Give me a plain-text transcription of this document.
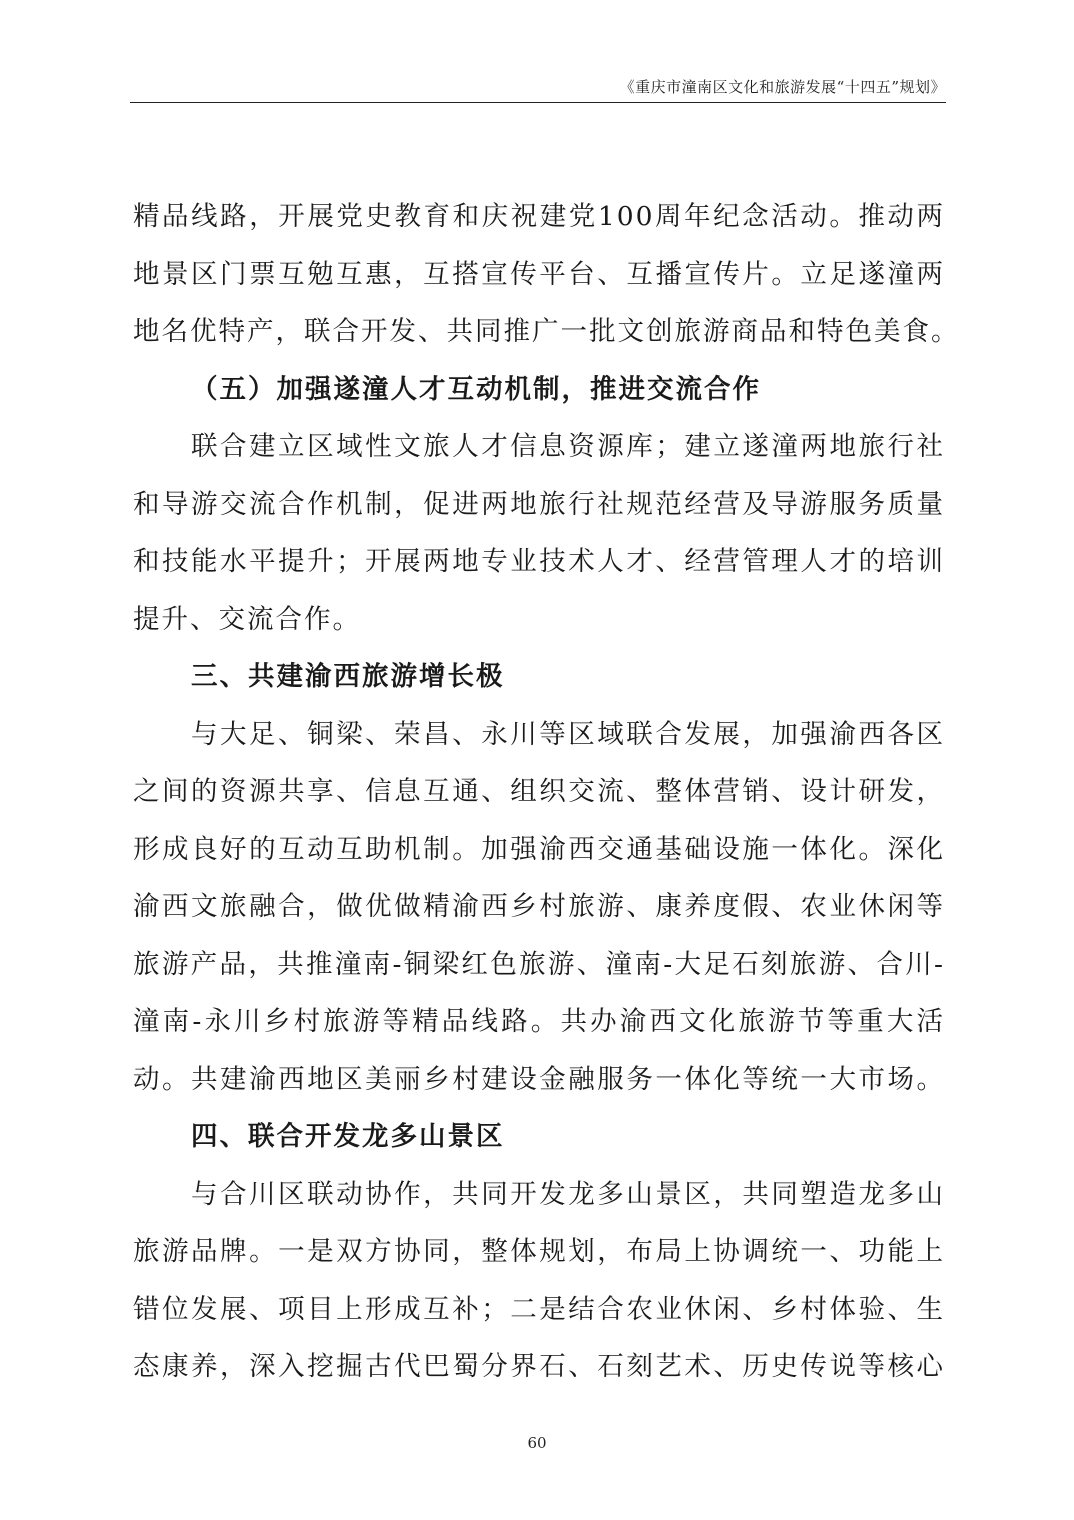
《重庆市潼南区文化和旅游发展“十四五”规划》
精品线路，开展党史教育和庆祝建党100周年纪念活动。推动两
地景区门票互勉互惠，互搭宣传平台、互播宣传片。立足遂潼两
地名优特产，联合开发、共同推广一批文创旅游商品和特色美食。
（五）加强遂潼人才互动机制，推进交流合作
联合建立区域性文旅人才信息资源库；建立遂潼两地旅行社
和导游交流合作机制，促进两地旅行社规范经营及导游服务质量
和技能水平提升；开展两地专业技术人才、经营管理人才的培训
提升、交流合作。
三、共建渝西旅游增长极
与大足、铜梁、荣昌、永川等区域联合发展，加强渝西各区
之间的资源共享、信息互通、组织交流、整体营销、设计研发，
形成良好的互动互助机制。加强渝西交通基础设施一体化。深化
渝西文旅融合，做优做精渝西乡村旅游、康养度假、农业休闲等
旅游产品，共推潼南-铜梁红色旅游、潼南-大足石刻旅游、合川-
潼南-永川乡村旅游等精品线路。共办渝西文化旅游节等重大活
动。共建渝西地区美丽乡村建设金融服务一体化等统一大市场。
四、联合开发龙多山景区
与合川区联动协作，共同开发龙多山景区，共同塑造龙多山
旅游品牌。一是双方协同，整体规划，布局上协调统一、功能上
错位发展、项目上形成互补；二是结合农业休闲、乡村体验、生
态康养，深入挖掘古代巴蜀分界石、石刻艺术、历史传说等核心
60
